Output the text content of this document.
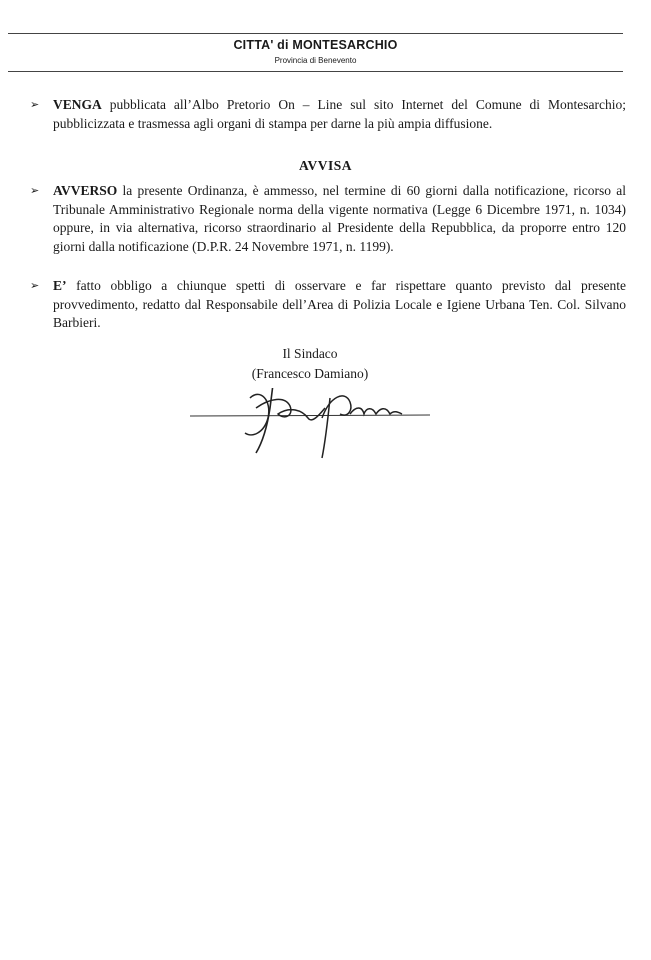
CITTA' di MONTESARCHIO
Provincia di Benevento
➢	VENGA pubblicata all’Albo Pretorio On – Line sul sito Internet del Comune di Montesarchio; pubblicizzata e trasmessa agli organi di stampa per darne la più ampia diffusione.
AVVISA
➢	AVVERSO la presente Ordinanza, è ammesso, nel termine di 60 giorni dalla notificazione, ricorso al Tribunale Amministrativo Regionale norma della vigente normativa (Legge 6 Dicembre 1971, n. 1034) oppure, in via alternativa, ricorso straordinario al Presidente della Repubblica, da proporre entro 120 giorni dalla notificazione (D.P.R. 24 Novembre 1971, n. 1199).
➢	E’ fatto obbligo a chiunque spetti di osservare e far rispettare quanto previsto dal presente provvedimento, redatto dal Responsabile dell’Area di Polizia Locale e Igiene Urbana Ten. Col. Silvano Barbieri.
Il Sindaco
(Francesco Damiano)
